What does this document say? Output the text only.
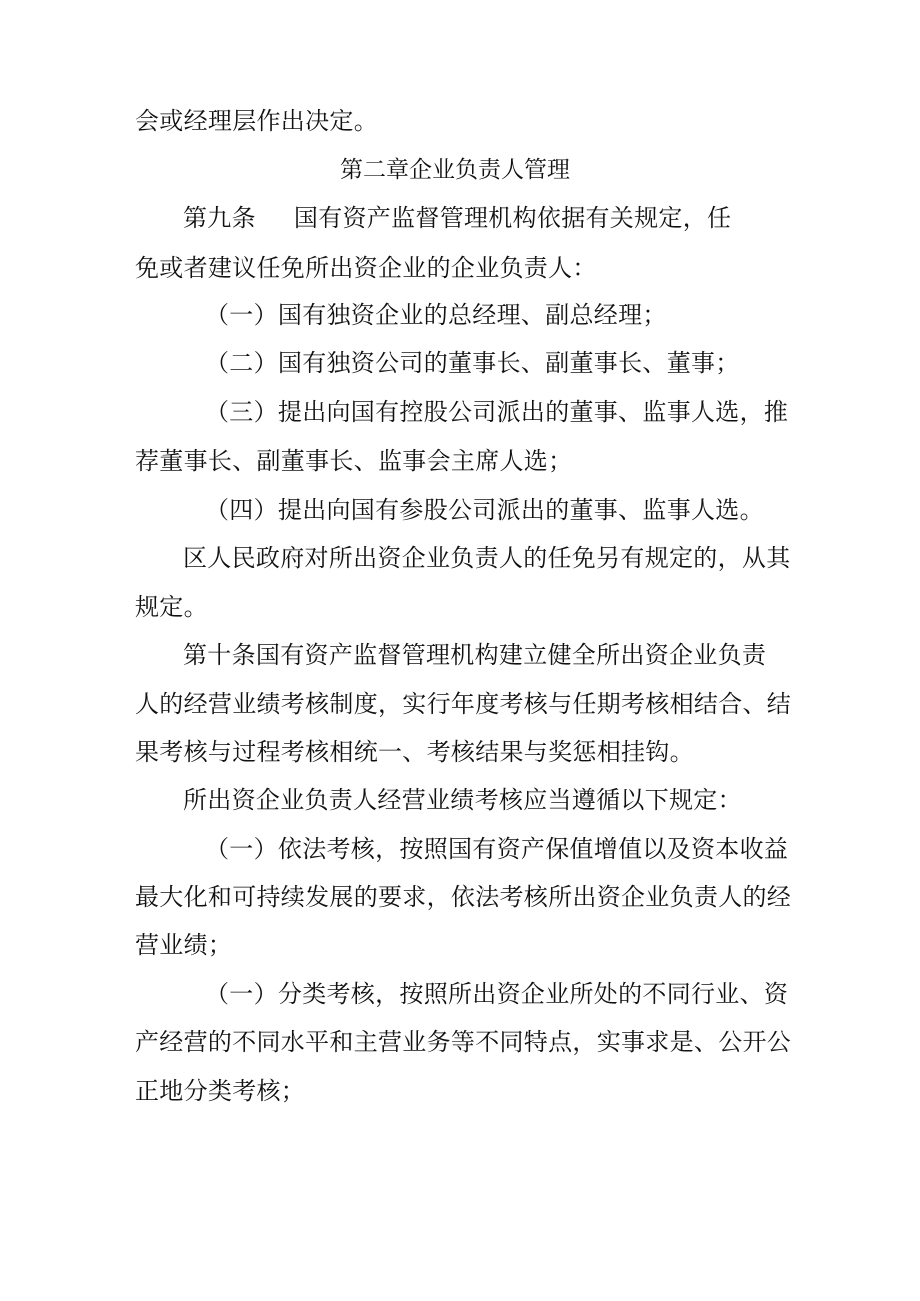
会或经理层作出决定。
第二章企业负责人管理
第九条 国有资产监督管理机构依据有关规定，任
免或者建议任免所出资企业的企业负责人：
（一）国有独资企业的总经理、副总经理；
（二）国有独资公司的董事长、副董事长、董事；
（三）提出向国有控股公司派出的董事、监事人选，推
荐董事长、副董事长、监事会主席人选；
（四）提出向国有参股公司派出的董事、监事人选。
区人民政府对所出资企业负责人的任免另有规定的，从其
规定。
第十条国有资产监督管理机构建立健全所出资企业负责
人的经营业绩考核制度，实行年度考核与任期考核相结合、结
果考核与过程考核相统一、考核结果与奖惩相挂钩。
所出资企业负责人经营业绩考核应当遵循以下规定：
（一）依法考核，按照国有资产保值增值以及资本收益
最大化和可持续发展的要求，依法考核所出资企业负责人的经
营业绩；
（一）分类考核，按照所出资企业所处的不同行业、资
产经营的不同水平和主营业务等不同特点，实事求是、公开公
正地分类考核；
